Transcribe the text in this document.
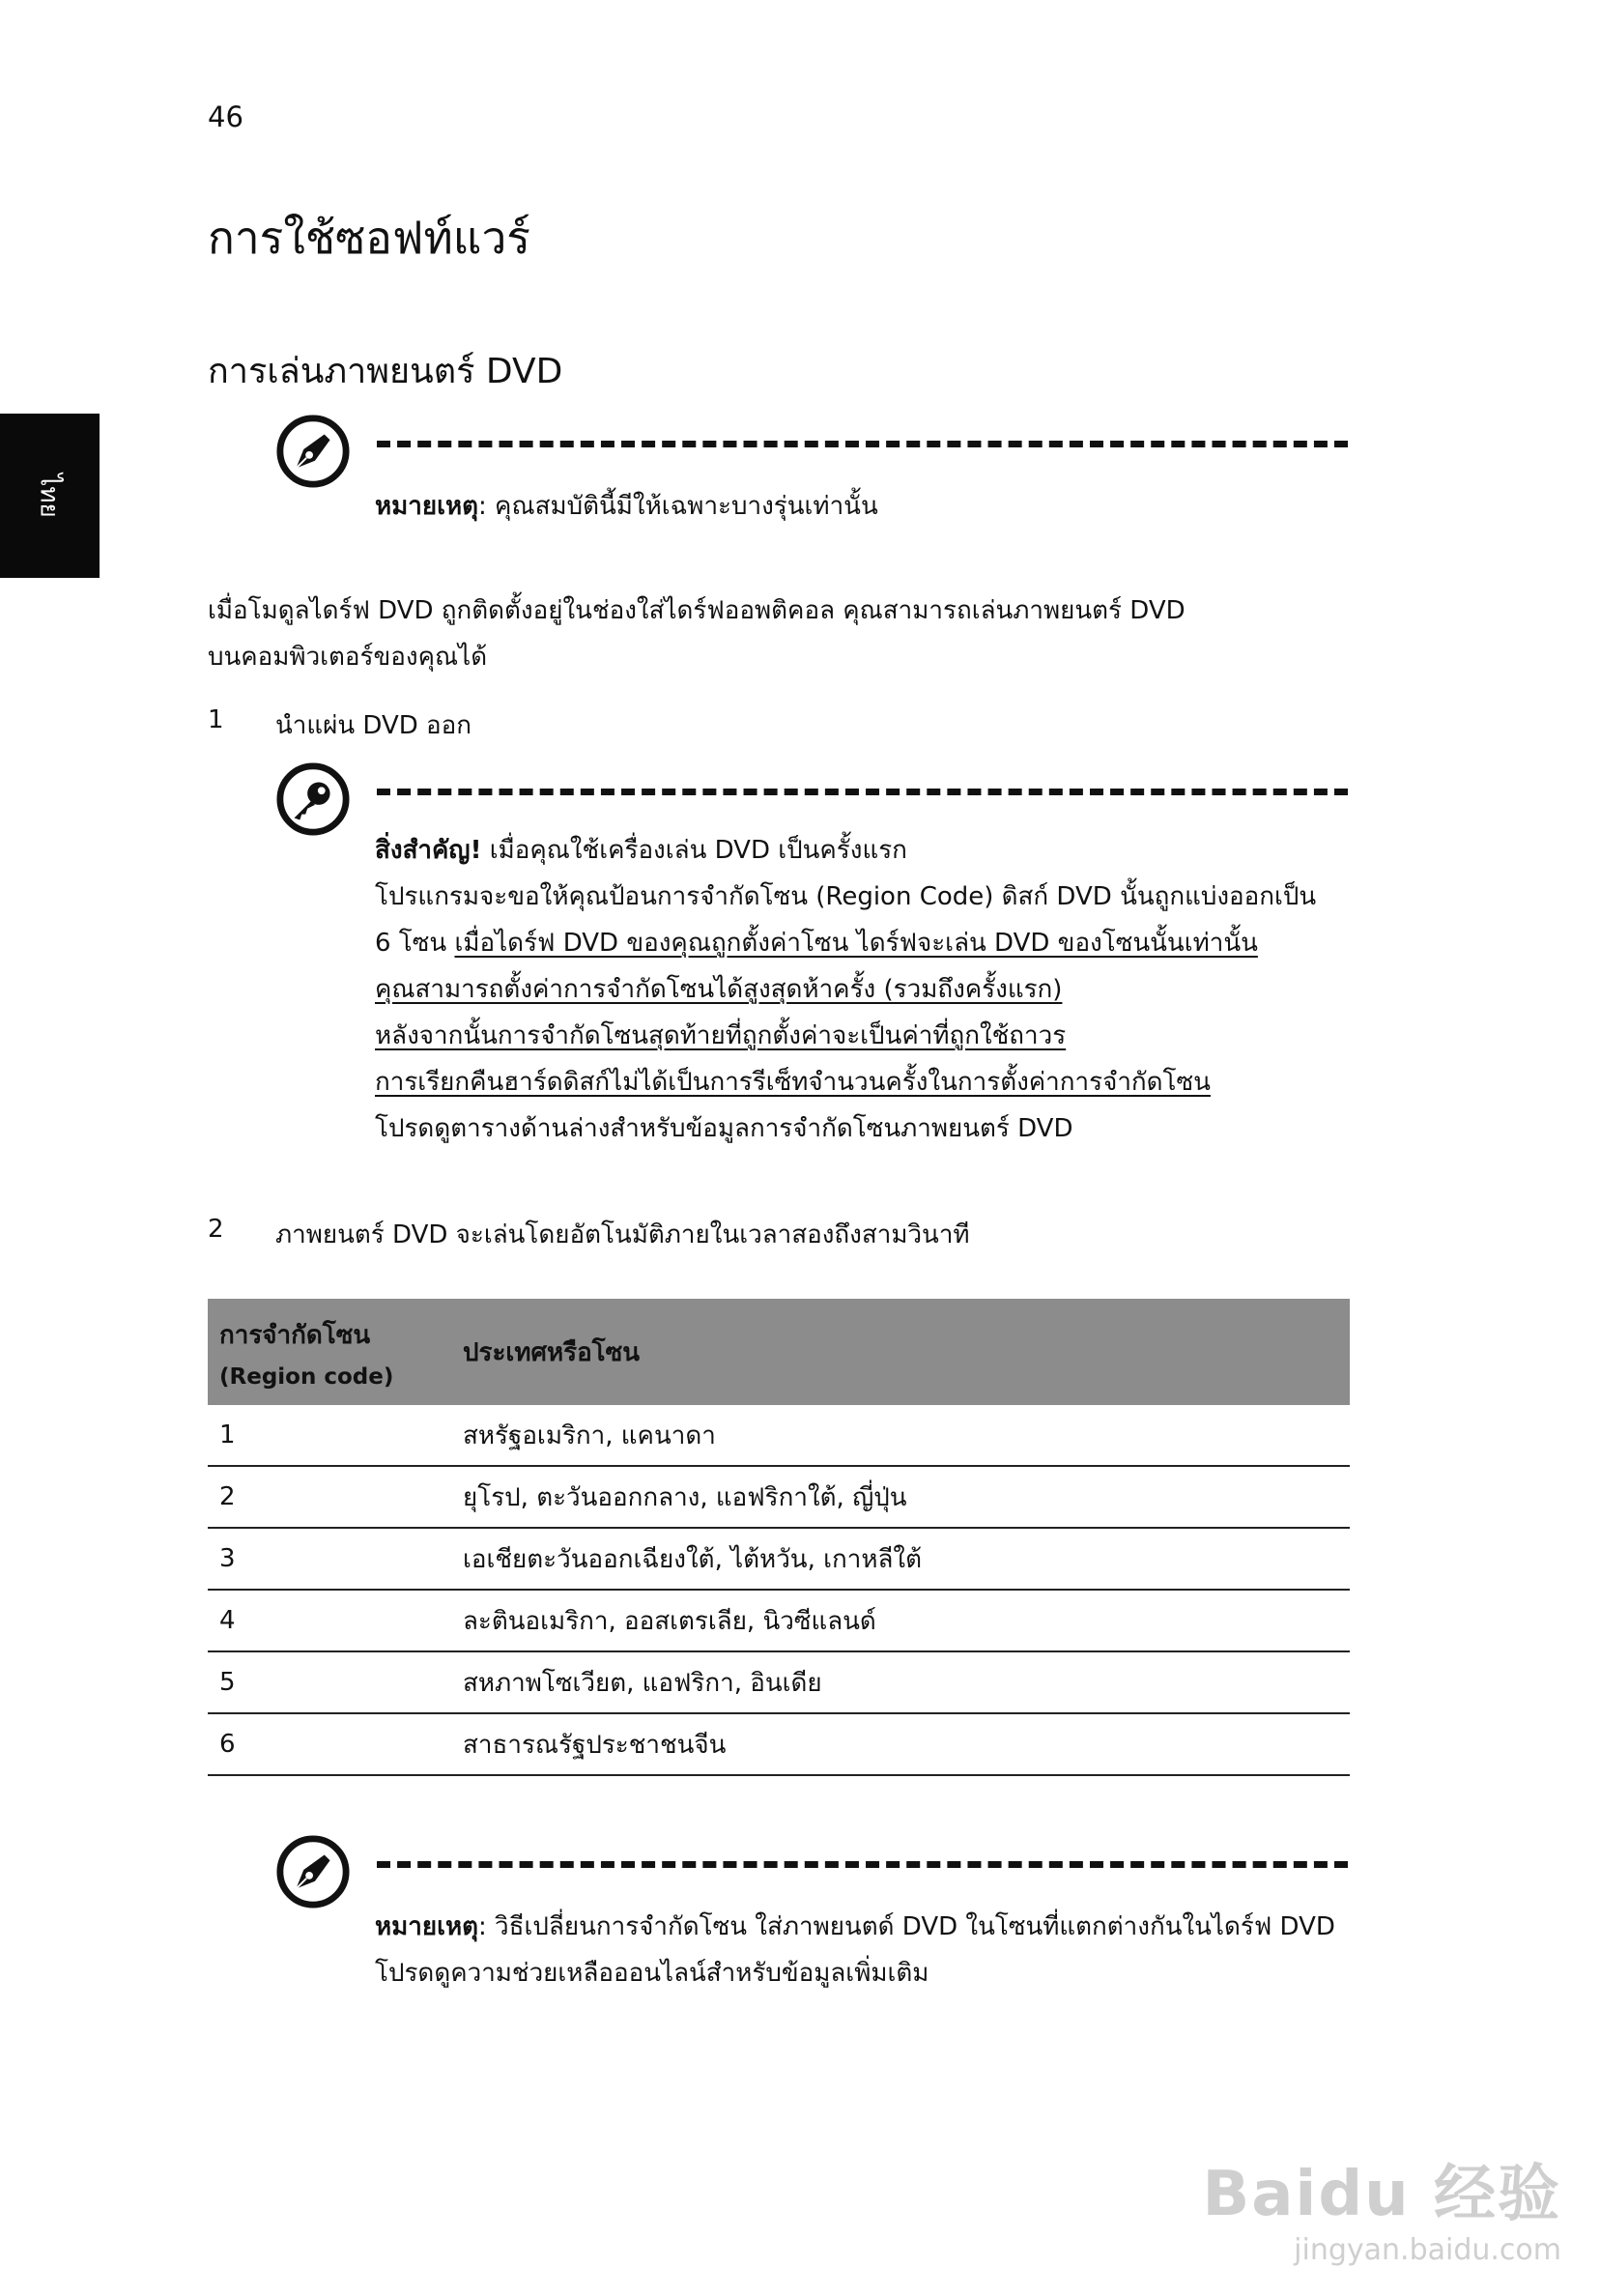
46
การใช้ซอฟท์แวร์
การเล่นภาพยนตร์ DVD
ไทย	หมายเหตุ: คุณสมบัตินี้มีให้เฉพาะบางรุ่นเท่านั้น
เมื่อโมดูลไดร์ฟ DVD ถูกติดตั้งอยู่ในช่องใส่ไดร์ฟออพติคอล คุณสามารถเล่นภาพยนตร์ DVD
บนคอมพิวเตอร์ของคุณได้
1 นำแผ่น DVD ออก
สิ่งสำคัญ! เมื่อคุณใช้เครื่องเล่น DVD เป็นครั้งแรก
โปรแกรมจะขอให้คุณป้อนการจำกัดโซน (Region Code) ดิสก์ DVD นั้นถูกแบ่งออกเป็น
6 โซน เมื่อไดร์ฟ DVD ของคุณถูกตั้งค่าโซน ไดร์ฟจะเล่น DVD ของโซนนั้นเท่านั้น
คุณสามารถตั้งค่าการจำกัดโซนได้สูงสุดห้าครั้ง (รวมถึงครั้งแรก)
หลังจากนั้นการจำกัดโซนสุดท้ายที่ถูกตั้งค่าจะเป็นค่าที่ถูกใช้ถาวร
การเรียกคืนฮาร์ดดิสก์ไม่ได้เป็นการรีเซ็ทจำนวนครั้งในการตั้งค่าการจำกัดโซน
โปรดดูตารางด้านล่างสำหรับข้อมูลการจำกัดโซนภาพยนตร์ DVD
2 ภาพยนตร์ DVD จะเล่นโดยอัตโนมัติภายในเวลาสองถึงสามวินาที
การจำกัดโซน
(Region code)	ประเทศหรือโซน
1	สหรัฐอเมริกา, แคนาดา
2	ยุโรป, ตะวันออกกลาง, แอฟริกาใต้, ญี่ปุ่น
3	เอเชียตะวันออกเฉียงใต้, ไต้หวัน, เกาหลีใต้
4	ละตินอเมริกา, ออสเตรเลีย, นิวซีแลนด์
5	สหภาพโซเวียต, แอฟริกา, อินเดีย
6	สาธารณรัฐประชาชนจีน
หมายเหตุ: วิธีเปลี่ยนการจำกัดโซน ใส่ภาพยนตด์ DVD ในโซนที่แตกต่างกันในไดร์ฟ DVD
โปรดดูความช่วยเหลือออนไลน์สำหรับข้อมูลเพิ่มเติม
Baidu 经验
jingyan.baidu.com
